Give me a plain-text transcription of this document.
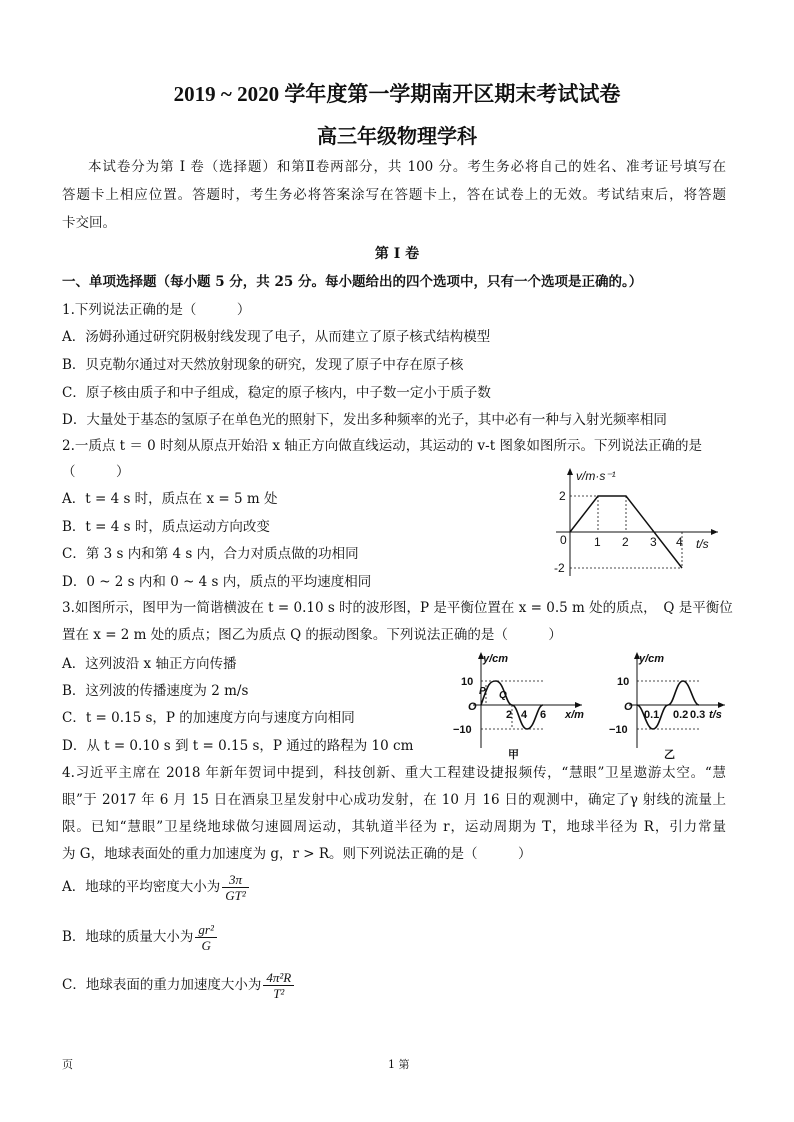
2019 ~ 2020 学年度第一学期南开区期末考试试卷
高三年级物理学科
本试卷分为第 I 卷（选择题）和第Ⅱ卷两部分，共 100 分。考生务必将自己的姓名、准考证号填写在
答题卡上相应位置。答题时，考生务必将答案涂写在答题卡上，答在试卷上的无效。考试结束后，将答题
卡交回。
第 I 卷
一、单项选择题（每小题 5 分，共 25 分。每小题给出的四个选项中，只有一个选项是正确的。）
1.下列说法正确的是（　　　）
A．汤姆孙通过研究阴极射线发现了电子，从而建立了原子核式结构模型
B．贝克勒尔通过对天然放射现象的研究，发现了原子中存在原子核
C．原子核由质子和中子组成，稳定的原子核内，中子数一定小于质子数
D．大量处于基态的氢原子在单色光的照射下，发出多种频率的光子，其中必有一种与入射光频率相同
2.一质点 t ＝ 0 时刻从原点开始沿 x 轴正方向做直线运动，其运动的 v-t 图象如图所示。下列说法正确的是
（　　　）
A．t = 4 s 时，质点在 x = 5 m 处
B．t = 4 s 时，质点运动方向改变
C．第 3 s 内和第 4 s 内，合力对质点做的功相同
D．0 ~ 2 s 内和 0 ~ 4 s 内，质点的平均速度相同
v/m·s⁻¹
t/s
2
-2
0 1 2 3 4
3.如图所示，图甲为一简谐横波在 t = 0.10 s 时的波形图，P 是平衡位置在 x = 0.5 m 处的质点，　Q 是平衡位
置在 x = 2 m 处的质点；图乙为质点 Q 的振动图象。下列说法正确的是（　　　）
A．这列波沿 x 轴正方向传播
B．这列波的传播速度为 2 m/s
C．t = 0.15 s，P 的加速度方向与速度方向相同
D．从 t = 0.10 s 到 t = 0.15 s，P 通过的路程为 10 cm
y/cm
x/m
10
−10
O
2 4 6
P Q
甲
y/cm
t/s
10
−10
O
0.1 0.2 0.3
乙
4.习近平主席在 2018 年新年贺词中提到，科技创新、重大工程建设捷报频传，“慧眼”卫星遨游太空。“慧
眼”于 2017 年 6 月 15 日在酒泉卫星发射中心成功发射，在 10 月 16 日的观测中，确定了γ 射线的流量上
限。已知“慧眼”卫星绕地球做匀速圆周运动，其轨道半径为 r，运动周期为 T，地球半径为 R，引力常量
为 G，地球表面处的重力加速度为 g，r > R。则下列说法正确的是（　　　）
A．地球的平均密度大小为 $\frac{3\pi}{\text{GT²}}$
B．地球的质量大小为 $\frac{\text{gr²}}{G}$
C．地球表面的重力加速度大小为 $\frac{\text{4π²R}}{\text{T²}}$
页	1 第
